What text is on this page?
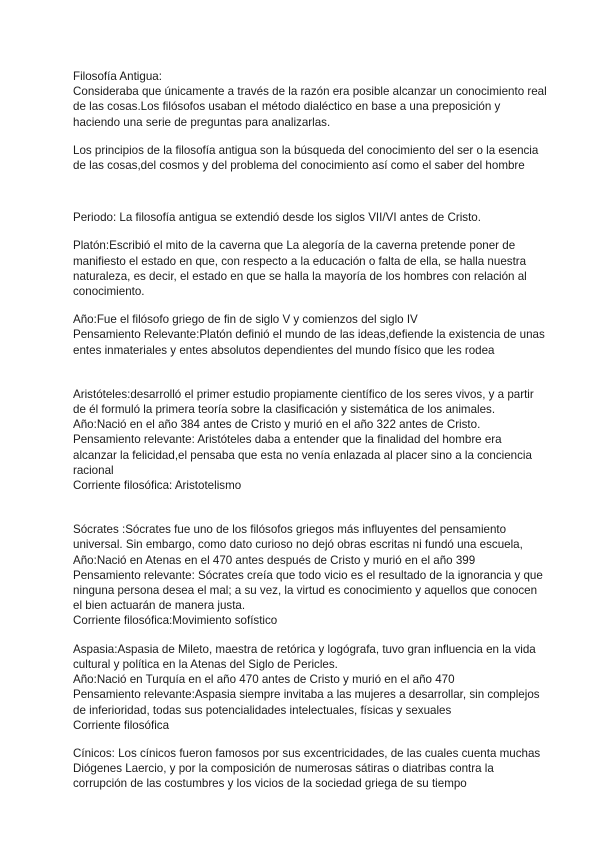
Filosofía Antigua:
Consideraba que únicamente a través de la razón era posible alcanzar un conocimiento real
de las cosas.Los filósofos usaban el método dialéctico en base a una preposición y
haciendo una serie de preguntas para analizarlas.

Los principios de la filosofía antigua son la búsqueda del conocimiento del ser o la esencia
de las cosas,del cosmos y del problema del conocimiento así como el saber del hombre

Periodo: La filosofía antigua se extendió desde los siglos VII/VI antes de Cristo.

Platón:Escribió el mito de la caverna que La alegoría de la caverna pretende poner de
manifiesto el estado en que, con respecto a la educación o falta de ella, se halla nuestra
naturaleza, es decir, el estado en que se halla la mayoría de los hombres con relación al
conocimiento.

Año:Fue el filósofo griego de fin de siglo V y comienzos del siglo IV
Pensamiento Relevante:Platón definió el mundo de las ideas,defiende la existencia de unas
entes inmateriales y entes absolutos dependientes del mundo físico que les rodea

Aristóteles:desarrolló el primer estudio propiamente científico de los seres vivos, y a partir
de él formuló la primera teoría sobre la clasificación y sistemática de los animales.
Año:Nació en el año 384 antes de Cristo y murió en el año 322 antes de Cristo.
Pensamiento relevante: Aristóteles daba a entender que la finalidad del hombre era
alcanzar la felicidad,el pensaba que esta no venía enlazada al placer sino a la conciencia
racional
Corriente filosófica: Aristotelismo

Sócrates :Sócrates fue uno de los filósofos griegos más influyentes del pensamiento
universal. Sin embargo, como dato curioso no dejó obras escritas ni fundó una escuela,
Año:Nació en Atenas en el 470 antes después de Cristo y murió en el año 399
Pensamiento relevante: Sócrates creía que todo vicio es el resultado de la ignorancia y que
ninguna persona desea el mal; a su vez, la virtud es conocimiento y aquellos que conocen
el bien actuarán de manera justa.
Corriente filosófica:Movimiento sofístico

Aspasia:Aspasia de Mileto, maestra de retórica y logógrafa, tuvo gran influencia en la vida
cultural y política en la Atenas del Siglo de Pericles.
Año:Nació en Turquía en el año 470 antes de Cristo y murió en el año 470
Pensamiento relevante:Aspasia siempre invitaba a las mujeres a desarrollar, sin complejos
de inferioridad, todas sus potencialidades intelectuales, físicas y sexuales
Corriente filosófica

Cínicos: Los cínicos fueron famosos por sus excentricidades, de las cuales cuenta muchas
Diógenes Laercio, y por la composición de numerosas sátiras o diatribas contra la
corrupción de las costumbres y los vicios de la sociedad griega de su tiempo
